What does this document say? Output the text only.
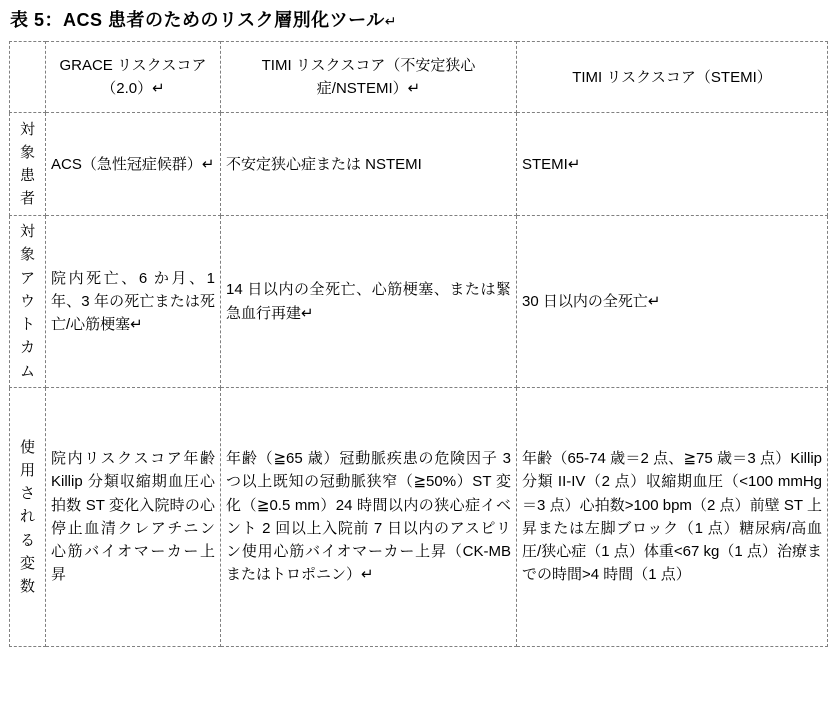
表 5：ACS 患者のためのリスク層別化ツール↵
	GRACE リスクスコア（2.0）↵	TIMI リスクスコア（不安定狭心症/NSTEMI）↵	TIMI リスクスコア（STEMI）
対象患者	ACS（急性冠症候群）↵	不安定狭心症または NSTEMI	STEMI↵
対象アウトカム	院内死亡、6 か月、1 年、3 年の死亡または死亡/心筋梗塞↵	14 日以内の全死亡、心筋梗塞、または緊急血行再建↵	30 日以内の全死亡↵
使用される変数	院内リスクスコア年齢 Killip 分類収縮期血圧心拍数 ST 変化入院時の心停止血清クレアチニン心筋バイオマーカー上昇	年齢（≧65 歳）冠動脈疾患の危険因子 3 つ以上既知の冠動脈狭窄（≧50%）ST 変化（≧0.5 mm）24 時間以内の狭心症イベント 2 回以上入院前 7 日以内のアスピリン使用心筋バイオマーカー上昇（CK-MB またはトロポニン）↵	年齢（65-74 歳＝2 点、≧75 歳＝3 点）Killip 分類 II-IV（2 点）収縮期血圧（<100 mmHg＝3 点）心拍数>100 bpm（2 点）前壁 ST 上昇または左脚ブロック（1 点）糖尿病/高血圧/狭心症（1 点）体重<67 kg（1 点）治療までの時間>4 時間（1 点）
